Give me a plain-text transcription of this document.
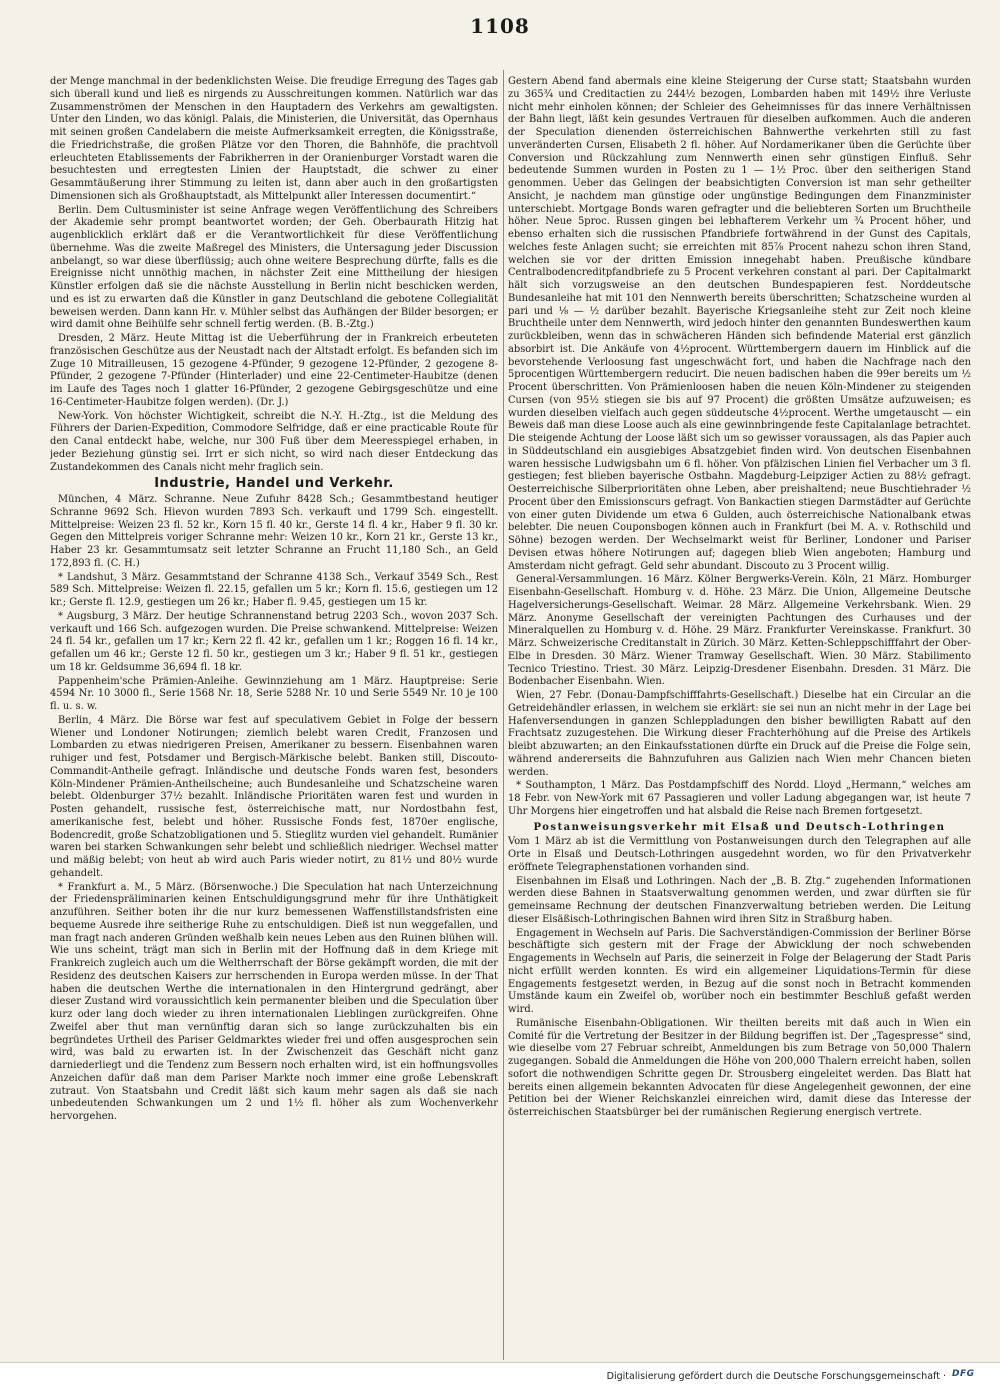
1108

der Menge manchmal in der bedenklichsten Weise. Die freudige Erregung des Tages gab sich überall kund und ließ es nirgends zu Ausschreitungen kommen. Natürlich war das Zusammenströmen der Menschen in den Hauptadern des Verkehrs am gewaltigsten. Unter den Linden, wo das königl. Palais, die Ministerien, die Universität, das Opernhaus mit seinen großen Candelabern die meiste Aufmerksamkeit erregten, die Königsstraße, die Friedrichstraße, die großen Plätze vor den Thoren, die Bahnhöfe, die prachtvoll erleuchteten Etablissements der Fabrikherren in der Oranienburger Vorstadt waren die besuchtesten und erregtesten Linien der Hauptstadt, die schwer zu einer Gesammtäußerung ihrer Stimmung zu leiten ist, dann aber auch in den großartigsten Dimensionen sich als Großhauptstadt, als Mittelpunkt aller Interessen documentirt.“

Berlin. Dem Cultusminister ist seine Anfrage wegen Veröffentlichung des Schreibers der Akademie sehr prompt beantwortet worden; der Geh. Oberbaurath Hitzig hat augenblicklich erklärt daß er die Verantwortlichkeit für diese Veröffentlichung übernehme. Was die zweite Maßregel des Ministers, die Untersagung jeder Discussion anbelangt, so war diese überflüssig; auch ohne weitere Besprechung dürfte, falls es die Ereignisse nicht unnöthig machen, in nächster Zeit eine Mittheilung der hiesigen Künstler erfolgen daß sie die nächste Ausstellung in Berlin nicht beschicken werden, und es ist zu erwarten daß die Künstler in ganz Deutschland die gebotene Collegialität beweisen werden. Dann kann Hr. v. Mühler selbst das Aufhängen der Bilder besorgen; er wird damit ohne Beihülfe sehr schnell fertig werden. (B. B.-Ztg.)

Dresden, 2 März. Heute Mittag ist die Ueberführung der in Frankreich erbeuteten französischen Geschütze aus der Neustadt nach der Altstadt erfolgt. Es befanden sich im Zuge 10 Mitrailleusen, 15 gezogene 4-Pfünder, 9 gezogene 12-Pfünder, 2 gezogene 8-Pfünder, 2 gezogene 7-Pfünder (Hinterlader) und eine 22-Centimeter-Haubitze (denen im Laufe des Tages noch 1 glatter 16-Pfünder, 2 gezogene Gebirgsgeschütze und eine 16-Centimeter-Haubitze folgen werden). (Dr. J.)

New-York. Von höchster Wichtigkeit, schreibt die N.-Y. H.-Ztg., ist die Meldung des Führers der Darien-Expedition, Commodore Selfridge, daß er eine practicable Route für den Canal entdeckt habe, welche, nur 300 Fuß über dem Meeresspiegel erhaben, in jeder Beziehung günstig sei. Irrt er sich nicht, so wird nach dieser Entdeckung das Zustandekommen des Canals nicht mehr fraglich sein.

Industrie, Handel und Verkehr.

München, 4 März. Schranne. Neue Zufuhr 8428 Sch.; Gesammtbestand heutiger Schranne 9692 Sch. Hievon wurden 7893 Sch. verkauft und 1799 Sch. eingestellt. Mittelpreise: Weizen 23 fl. 52 kr., Korn 15 fl. 40 kr., Gerste 14 fl. 4 kr., Haber 9 fl. 30 kr. Gegen den Mittelpreis voriger Schranne mehr: Weizen 10 kr., Korn 21 kr., Gerste 13 kr., Haber 23 kr. Gesammtumsatz seit letzter Schranne an Frucht 11,180 Sch., an Geld 172,893 fl. (C. H.)

* Landshut, 3 März. Gesammtstand der Schranne 4138 Sch., Verkauf 3549 Sch., Rest 589 Sch. Mittelpreise: Weizen fl. 22.15, gefallen um 5 kr.; Korn fl. 15.6, gestiegen um 12 kr.; Gerste fl. 12.9, gestiegen um 26 kr.; Haber fl. 9.45, gestiegen um 15 kr.

* Augsburg, 3 März. Der heutige Schrannenstand betrug 2203 Sch., wovon 2037 Sch. verkauft und 166 Sch. aufgezogen wurden. Die Preise schwankend. Mittelpreise: Weizen 24 fl. 54 kr., gefallen um 17 kr.; Kern 22 fl. 42 kr., gefallen um 1 kr.; Roggen 16 fl. 14 kr., gefallen um 46 kr.; Gerste 12 fl. 50 kr., gestiegen um 3 kr.; Haber 9 fl. 51 kr., gestiegen um 18 kr. Geldsumme 36,694 fl. 18 kr.

Pappenheim'sche Prämien-Anleihe. Gewinnziehung am 1 März. Hauptpreise: Serie 4594 Nr. 10 3000 fl., Serie 1568 Nr. 18, Serie 5288 Nr. 10 und Serie 5549 Nr. 10 je 100 fl. u. s. w.

Berlin, 4 März. Die Börse war fest auf speculativem Gebiet in Folge der bessern Wiener und Londoner Notirungen; ziemlich belebt waren Credit, Franzosen und Lombarden zu etwas niedrigeren Preisen, Amerikaner zu bessern. Eisenbahnen waren ruhiger und fest, Potsdamer und Bergisch-Märkische belebt. Banken still, Discouto-Commandit-Antheile gefragt. Inländische und deutsche Fonds waren fest, besonders Köln-Mindener Prämien-Antheilscheine; auch Bundesanleihe und Schatzscheine waren belebt. Oldenburger 37½ bezahlt. Inländische Prioritäten waren fest und wurden in Posten gehandelt, russische fest, österreichische matt, nur Nordostbahn fest, amerikanische fest, belebt und höher. Russische Fonds fest, 1870er englische, Bodencredit, große Schatzobligationen und 5. Stieglitz wurden viel gehandelt. Rumänier waren bei starken Schwankungen sehr belebt und schließlich niedriger. Wechsel matter und mäßig belebt; von heut ab wird auch Paris wieder notirt, zu 81½ und 80½ wurde gehandelt.

* Frankfurt a. M., 5 März. (Börsenwoche.) Die Speculation hat nach Unterzeichnung der Friedenspräliminarien keinen Entschuldigungsgrund mehr für ihre Unthätigkeit anzuführen. Seither boten ihr die nur kurz bemessenen Waffenstillstandsfristen eine bequeme Ausrede ihre seitherige Ruhe zu entschuldigen. Dieß ist nun weggefallen, und man fragt nach anderen Gründen weßhalb kein neues Leben aus den Ruinen blühen will. Wie uns scheint, trägt man sich in Berlin mit der Hoffnung daß in dem Kriege mit Frankreich zugleich auch um die Weltherrschaft der Börse gekämpft worden, die mit der Residenz des deutschen Kaisers zur herrschenden in Europa werden müsse. In der That haben die deutschen Werthe die internationalen in den Hintergrund gedrängt, aber dieser Zustand wird voraussichtlich kein permanenter bleiben und die Speculation über kurz oder lang doch wieder zu ihren internationalen Lieblingen zurückgreifen. Ohne Zweifel aber thut man vernünftig daran sich so lange zurückzuhalten bis ein begründetes Urtheil des Pariser Geldmarktes wieder frei und offen ausgesprochen sein wird, was bald zu erwarten ist. In der Zwischenzeit das Geschäft nicht ganz darniederliegt und die Tendenz zum Bessern noch erhalten wird, ist ein hoffnungsvolles Anzeichen dafür daß man dem Pariser Markte noch immer eine große Lebenskraft zutraut. Von Staatsbahn und Credit läßt sich kaum mehr sagen als daß sie nach unbedeutenden Schwankungen um 2 und 1½ fl. höher als zum Wochenverkehr hervorgehen.

Gestern Abend fand abermals eine kleine Steigerung der Curse statt; Staatsbahn wurden zu 365¾ und Creditactien zu 244½ bezogen, Lombarden haben mit 149½ ihre Verluste nicht mehr einholen können; der Schleier des Geheimnisses für das innere Verhältnissen der Bahn liegt, läßt kein gesundes Vertrauen für dieselben aufkommen. Auch die anderen der Speculation dienenden österreichischen Bahnwerthe verkehrten still zu fast unveränderten Cursen, Elisabeth 2 fl. höher. Auf Nordamerikaner üben die Gerüchte über Conversion und Rückzahlung zum Nennwerth einen sehr günstigen Einfluß. Sehr bedeutende Summen wurden in Posten zu 1 — 1½ Proc. über den seitherigen Stand genommen. Ueber das Gelingen der beabsichtigten Conversion ist man sehr getheilter Ansicht, je nachdem man günstige oder ungünstige Bedingungen dem Finanzminister unterschiebt. Mortgage Bonds waren gefragter und die beliebteren Sorten um Bruchtheile höher. Neue 5proc. Russen gingen bei lebhafterem Verkehr um ¾ Procent höher, und ebenso erhalten sich die russischen Pfandbriefe fortwährend in der Gunst des Capitals, welches feste Anlagen sucht; sie erreichten mit 85⅞ Procent nahezu schon ihren Stand, welchen sie vor der dritten Emission innegehabt haben. Preußische kündbare Centralbodencreditpfandbriefe zu 5 Procent verkehren constant al pari. Der Capitalmarkt hält sich vorzugsweise an den deutschen Bundespapieren fest. Norddeutsche Bundesanleihe hat mit 101 den Nennwerth bereits überschritten; Schatzscheine wurden al pari und ⅛ — ½ darüber bezahlt. Bayerische Kriegsanleihe steht zur Zeit noch kleine Bruchtheile unter dem Nennwerth, wird jedoch hinter den genannten Bundeswerthen kaum zurückbleiben, wenn das in schwächeren Händen sich befindende Material erst gänzlich absorbirt ist. Die Ankäufe von 4½procent. Württembergern dauern im Hinblick auf die bevorstehende Verloosung fast ungeschwächt fort, und haben die Nachfrage nach den 5procentigen Württembergern reducirt. Die neuen badischen haben die 99er bereits um ½ Procent überschritten. Von Prämienloosen haben die neuen Köln-Mindener zu steigenden Cursen (von 95½ stiegen sie bis auf 97 Procent) die größten Umsätze aufzuweisen; es wurden dieselben vielfach auch gegen süddeutsche 4½procent. Werthe umgetauscht — ein Beweis daß man diese Loose auch als eine gewinnbringende feste Capitalanlage betrachtet. Die steigende Achtung der Loose läßt sich um so gewisser voraussagen, als das Papier auch in Süddeutschland ein ausgiebiges Absatzgebiet finden wird. Von deutschen Eisenbahnen waren hessische Ludwigsbahn um 6 fl. höher. Von pfälzischen Linien fiel Verbacher um 3 fl. gestiegen; fest blieben bayerische Ostbahn. Magdeburg-Leipziger Actien zu 88½ gefragt. Oesterreichische Silberprioritäten ohne Leben, aber preishaltend; neue Buschtiehrader ½ Procent über den Emissionscurs gefragt. Von Bankactien stiegen Darmstädter auf Gerüchte von einer guten Dividende um etwa 6 Gulden, auch österreichische Nationalbank etwas belebter. Die neuen Couponsbogen können auch in Frankfurt (bei M. A. v. Rothschild und Söhne) bezogen werden. Der Wechselmarkt weist für Berliner, Londoner und Pariser Devisen etwas höhere Notirungen auf; dagegen blieb Wien angeboten; Hamburg und Amsterdam nicht gefragt. Geld sehr abundant. Discouto zu 3 Procent willig.

General-Versammlungen. 16 März. Kölner Bergwerks-Verein. Köln, 21 März. Homburger Eisenbahn-Gesellschaft. Homburg v. d. Höhe. 23 März. Die Union, Allgemeine Deutsche Hagelversicherungs-Gesellschaft. Weimar. 28 März. Allgemeine Verkehrsbank. Wien. 29 März. Anonyme Gesellschaft der vereinigten Pachtungen des Curhauses und der Mineralquellen zu Homburg v. d. Höhe. 29 März. Frankfurter Vereinskasse. Frankfurt. 30 März. Schweizerische Creditanstalt in Zürich. 30 März. Ketten-Schleppschifffahrt der Ober-Elbe in Dresden. 30 März. Wiener Tramway Gesellschaft. Wien. 30 März. Stabilimento Tecnico Triestino. Triest. 30 März. Leipzig-Dresdener Eisenbahn. Dresden. 31 März. Die Bodenbacher Eisenbahn. Wien.

Wien, 27 Febr. (Donau-Dampfschifffahrts-Gesellschaft.) Dieselbe hat ein Circular an die Getreidehändler erlassen, in welchem sie erklärt: sie sei nun an nicht mehr in der Lage bei Hafenversendungen in ganzen Schleppladungen den bisher bewilligten Rabatt auf den Frachtsatz zuzugestehen. Die Wirkung dieser Frachterhöhung auf die Preise des Artikels bleibt abzuwarten; an den Einkaufsstationen dürfte ein Druck auf die Preise die Folge sein, während andererseits die Bahnzufuhren aus Galizien nach Wien mehr Chancen bieten werden.

* Southampton, 1 März. Das Postdampfschiff des Nordd. Lloyd „Hermann,“ welches am 18 Febr. von New-York mit 67 Passagieren und voller Ladung abgegangen war, ist heute 7 Uhr Morgens hier eingetroffen und hat alsbald die Reise nach Bremen fortgesetzt.

Postanweisungsverkehr mit Elsaß und Deutsch-Lothringen

Vom 1 März ab ist die Vermittlung von Postanweisungen durch den Telegraphen auf alle Orte in Elsaß und Deutsch-Lothringen ausgedehnt worden, wo für den Privatverkehr eröffnete Telegraphenstationen vorhanden sind.

Eisenbahnen im Elsaß und Lothringen. Nach der „B. B. Ztg.“ zugehenden Informationen werden diese Bahnen in Staatsverwaltung genommen werden, und zwar dürften sie für gemeinsame Rechnung der deutschen Finanzverwaltung betrieben werden. Die Leitung dieser Elsäßisch-Lothringischen Bahnen wird ihren Sitz in Straßburg haben.

Engagement in Wechseln auf Paris. Die Sachverständigen-Commission der Berliner Börse beschäftigte sich gestern mit der Frage der Abwicklung der noch schwebenden Engagements in Wechseln auf Paris, die seinerzeit in Folge der Belagerung der Stadt Paris nicht erfüllt werden konnten. Es wird ein allgemeiner Liquidations-Termin für diese Engagements festgesetzt werden, in Bezug auf die sonst noch in Betracht kommenden Umstände kaum ein Zweifel ob, worüber noch ein bestimmter Beschluß gefaßt werden wird.

Rumänische Eisenbahn-Obligationen. Wir theilten bereits mit daß auch in Wien ein Comité für die Vertretung der Besitzer in der Bildung begriffen ist. Der „Tagespresse“ sind, wie dieselbe vom 27 Februar schreibt, Anmeldungen bis zum Betrage von 50,000 Thalern zugegangen. Sobald die Anmeldungen die Höhe von 200,000 Thalern erreicht haben, sollen sofort die nothwendigen Schritte gegen Dr. Strousberg eingeleitet werden. Das Blatt hat bereits einen allgemein bekannten Advocaten für diese Angelegenheit gewonnen, der eine Petition bei der Wiener Reichskanzlei einreichen wird, damit diese das Interesse der österreichischen Staatsbürger bei der rumänischen Regierung energisch vertrete.

Digitalisierung gefördert durch die Deutsche Forschungsgemeinschaft · DFG
